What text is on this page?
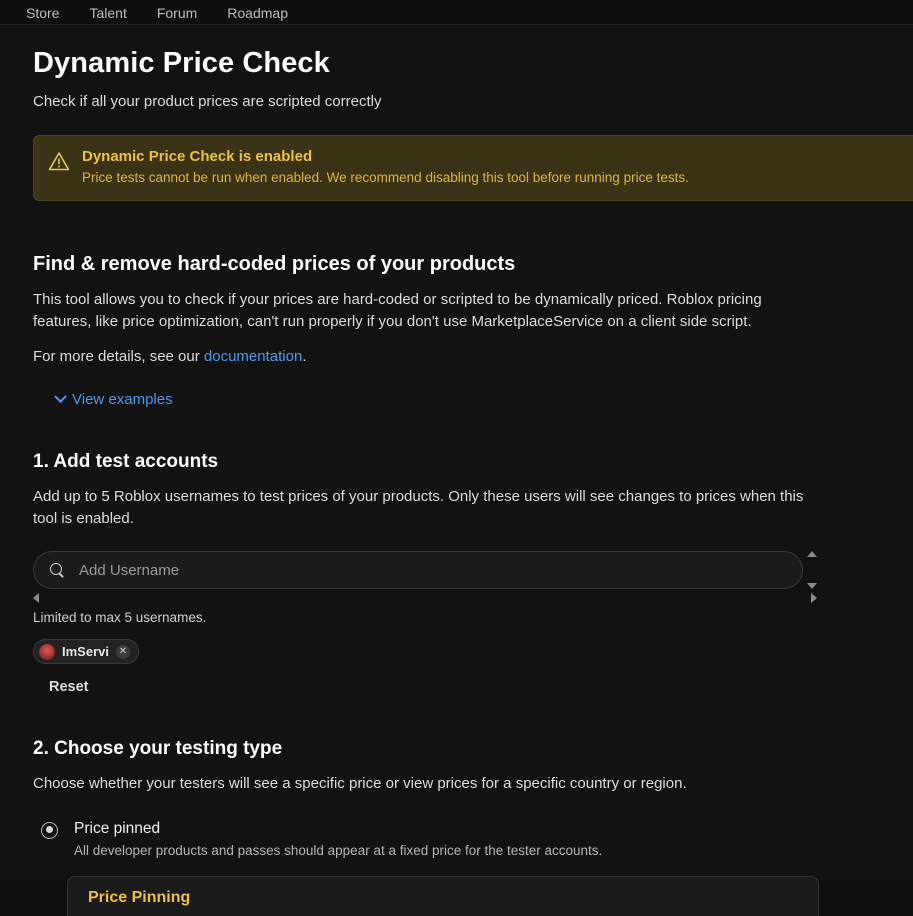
Store Talent Forum Roadmap
Dynamic Price Check
Check if all your product prices are scripted correctly
Dynamic Price Check is enabled
Price tests cannot be run when enabled. We recommend disabling this tool before running price tests.
Find & remove hard-coded prices of your products
This tool allows you to check if your prices are hard-coded or scripted to be dynamically priced. Roblox pricing features, like price optimization, can't run properly if you don't use MarketplaceService on a client side script.
For more details, see our documentation.
View examples
1. Add test accounts
Add up to 5 Roblox usernames to test prices of your products. Only these users will see changes to prices when this tool is enabled.
Add Username
Limited to max 5 usernames.
ImServi ✕
Reset
2. Choose your testing type
Choose whether your testers will see a specific price or view prices for a specific country or region.
Price pinned
All developer products and passes should appear at a fixed price for the tester accounts.
Price Pinning
